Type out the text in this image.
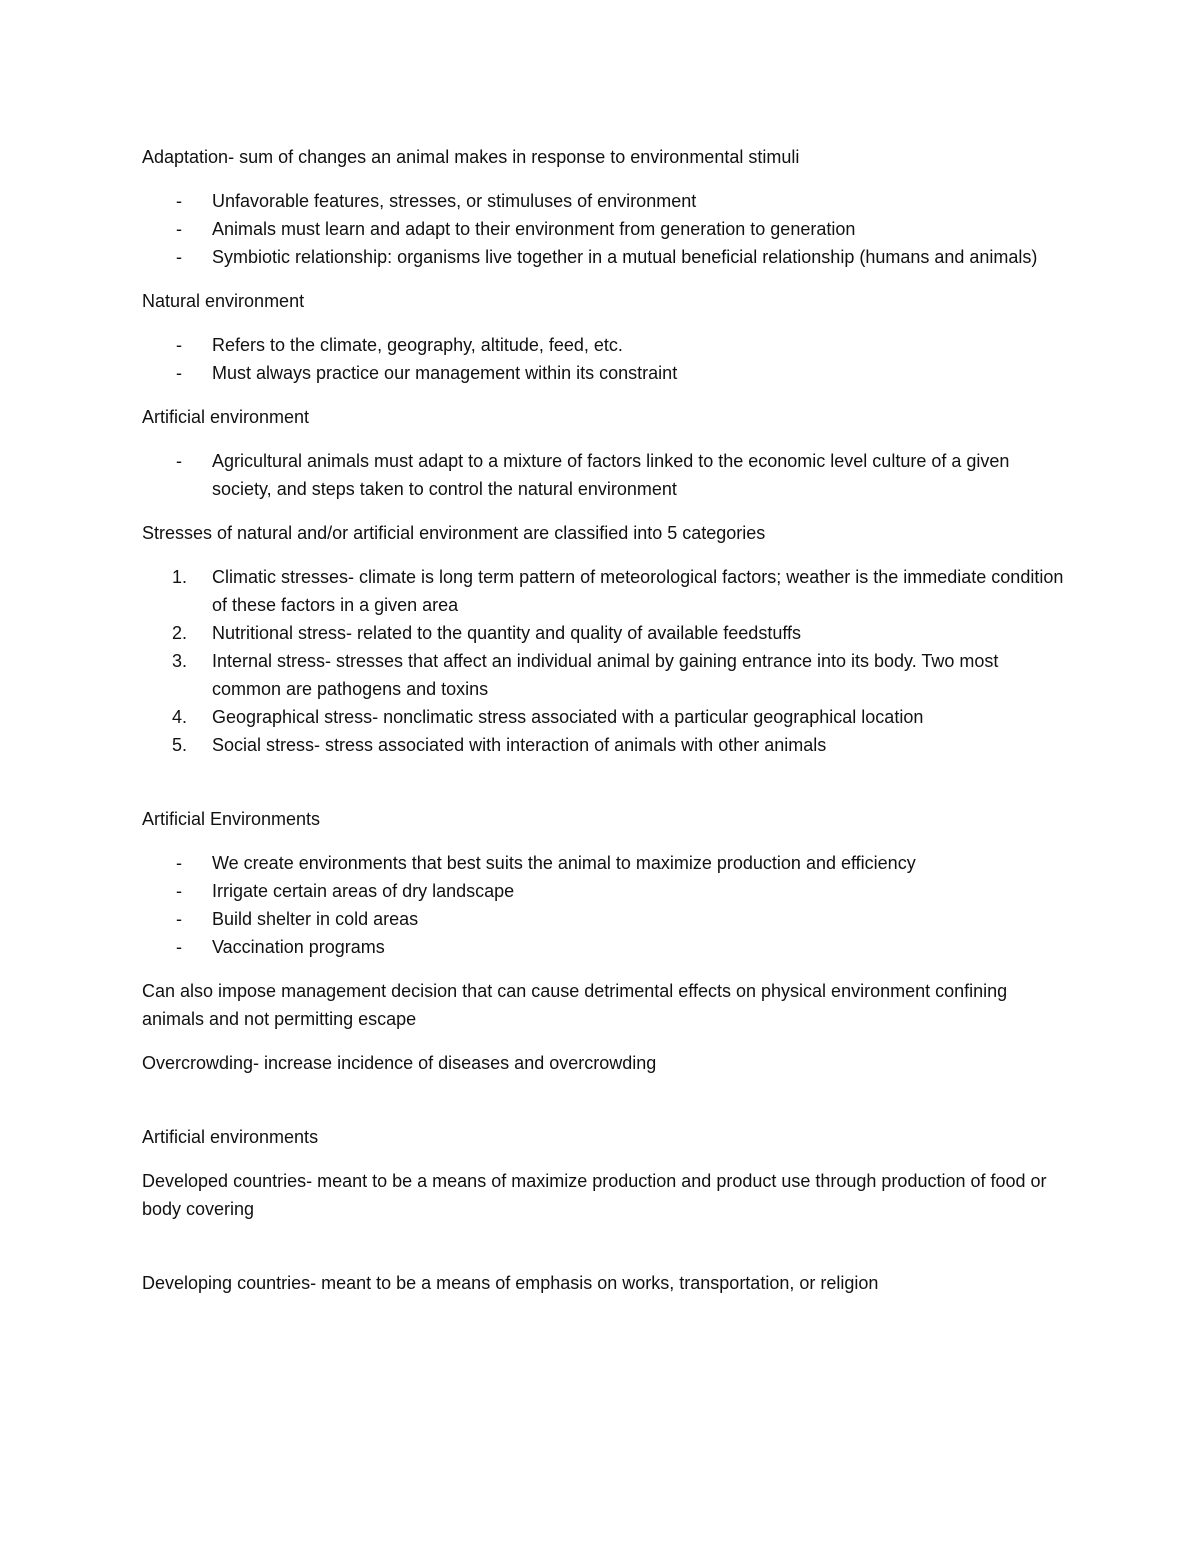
Adaptation- sum of changes an animal makes in response to environmental stimuli

-	Unfavorable features, stresses, or stimuluses of environment
-	Animals must learn and adapt to their environment from generation to generation
-	Symbiotic relationship: organisms live together in a mutual beneficial relationship (humans and animals)

Natural environment

-	Refers to the climate, geography, altitude, feed, etc.
-	Must always practice our management within its constraint

Artificial environment

-	Agricultural animals must adapt to a mixture of factors linked to the economic level culture of a given society, and steps taken to control the natural environment

Stresses of natural and/or artificial environment are classified into 5 categories

1.	Climatic stresses- climate is long term pattern of meteorological factors; weather is the immediate condition of these factors in a given area
2.	Nutritional stress- related to the quantity and quality of available feedstuffs
3.	Internal stress- stresses that affect an individual animal by gaining entrance into its body. Two most common are pathogens and toxins
4.	Geographical stress- nonclimatic stress associated with a particular geographical location
5.	Social stress- stress associated with interaction of animals with other animals

Artificial Environments

-	We create environments that best suits the animal to maximize production and efficiency
-	Irrigate certain areas of dry landscape
-	Build shelter in cold areas
-	Vaccination programs

Can also impose management decision that can cause detrimental effects on physical environment confining animals and not permitting escape

Overcrowding- increase incidence of diseases and overcrowding

Artificial environments

Developed countries- meant to be a means of maximize production and product use through production of food or body covering

Developing countries- meant to be a means of emphasis on works, transportation, or religion
